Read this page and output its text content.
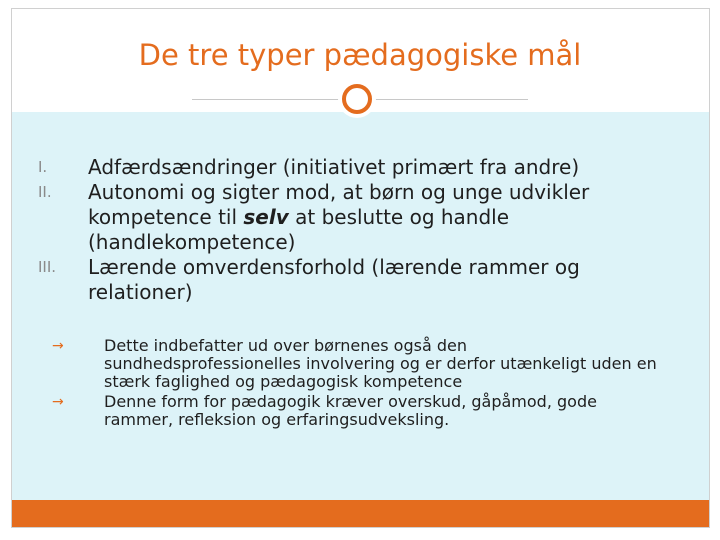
De tre typer pædagogiske mål
I.	Adfærdsændringer (initiativet primært fra andre)
II.	Autonomi og sigter mod, at børn og unge udvikler kompetence til selv at beslutte og handle (handlekompetence)
III.	Lærende omverdensforhold (lærende rammer og relationer)
→	Dette indbefatter ud over børnenes også den sundhedsprofessionelles involvering og er derfor utænkeligt uden en stærk faglighed og pædagogisk kompetence
→	Denne form for pædagogik kræver overskud, gåpåmod, gode rammer, refleksion og erfaringsudveksling.
